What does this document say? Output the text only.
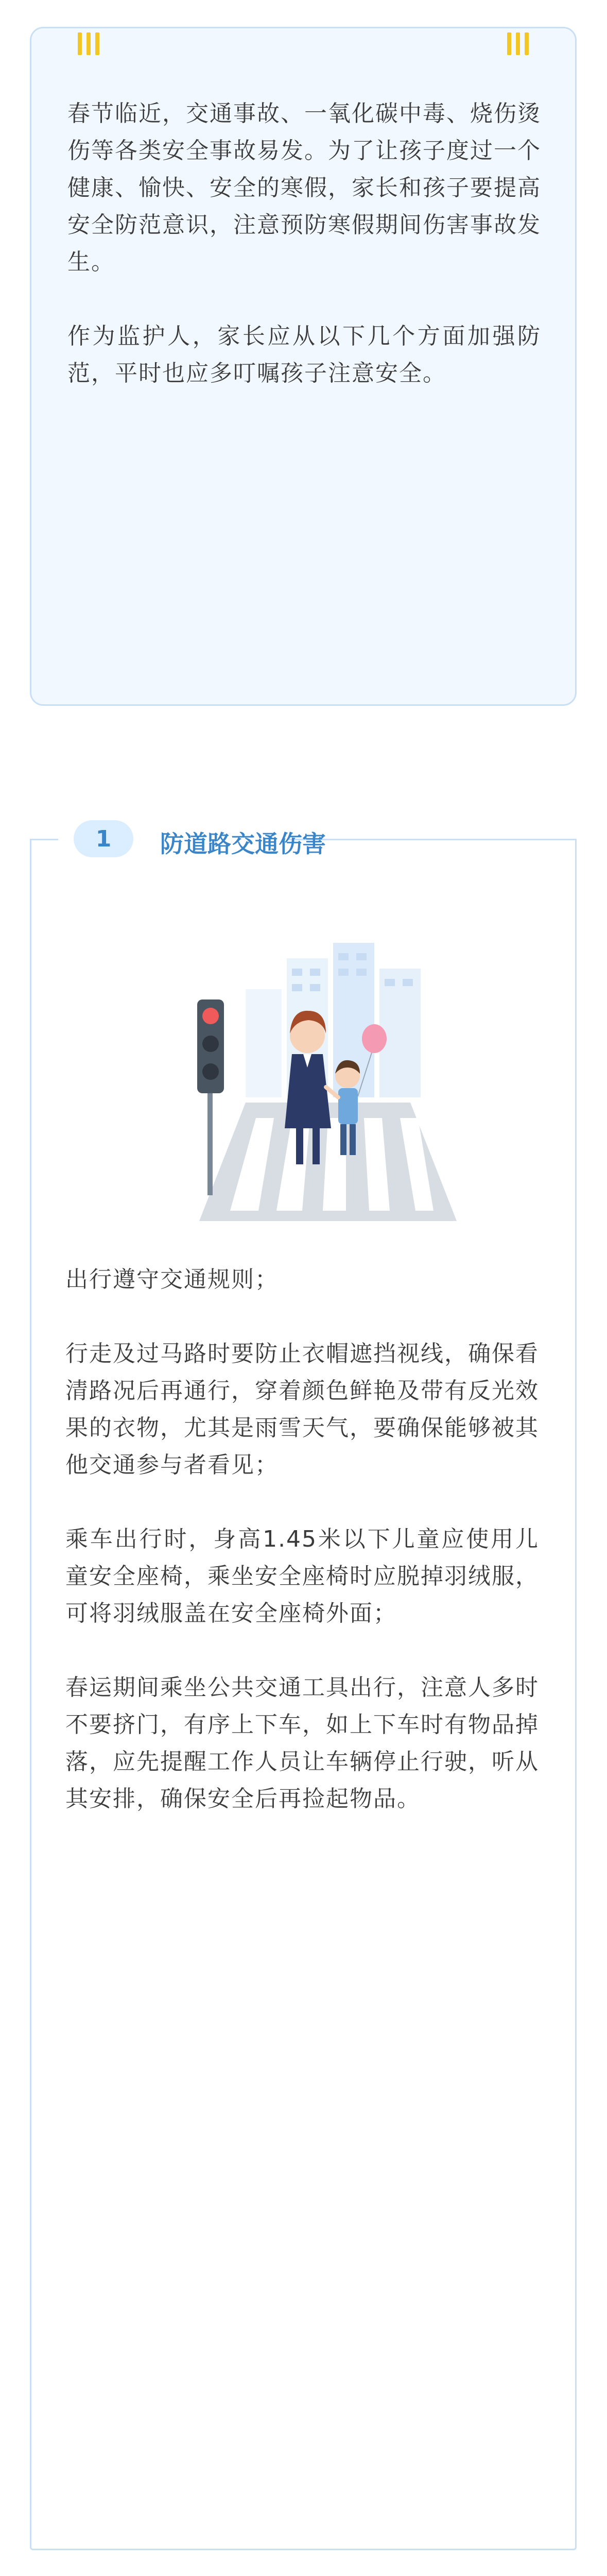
春节临近，交通事故、一氧化碳中毒、烧伤烫伤等各类安全事故易发。为了让孩子度过一个健康、愉快、安全的寒假，家长和孩子要提高安全防范意识，注意预防寒假期间伤害事故发生。

作为监护人，家长应从以下几个方面加强防范，平时也应多叮嘱孩子注意安全。

1	防道路交通伤害

出行遵守交通规则；

行走及过马路时要防止衣帽遮挡视线，确保看清路况后再通行，穿着颜色鲜艳及带有反光效果的衣物，尤其是雨雪天气，要确保能够被其他交通参与者看见；

乘车出行时，身高1.45米以下儿童应使用儿童安全座椅，乘坐安全座椅时应脱掉羽绒服，可将羽绒服盖在安全座椅外面；

春运期间乘坐公共交通工具出行，注意人多时不要挤门，有序上下车，如上下车时有物品掉落，应先提醒工作人员让车辆停止行驶，听从其安排，确保安全后再捡起物品。
